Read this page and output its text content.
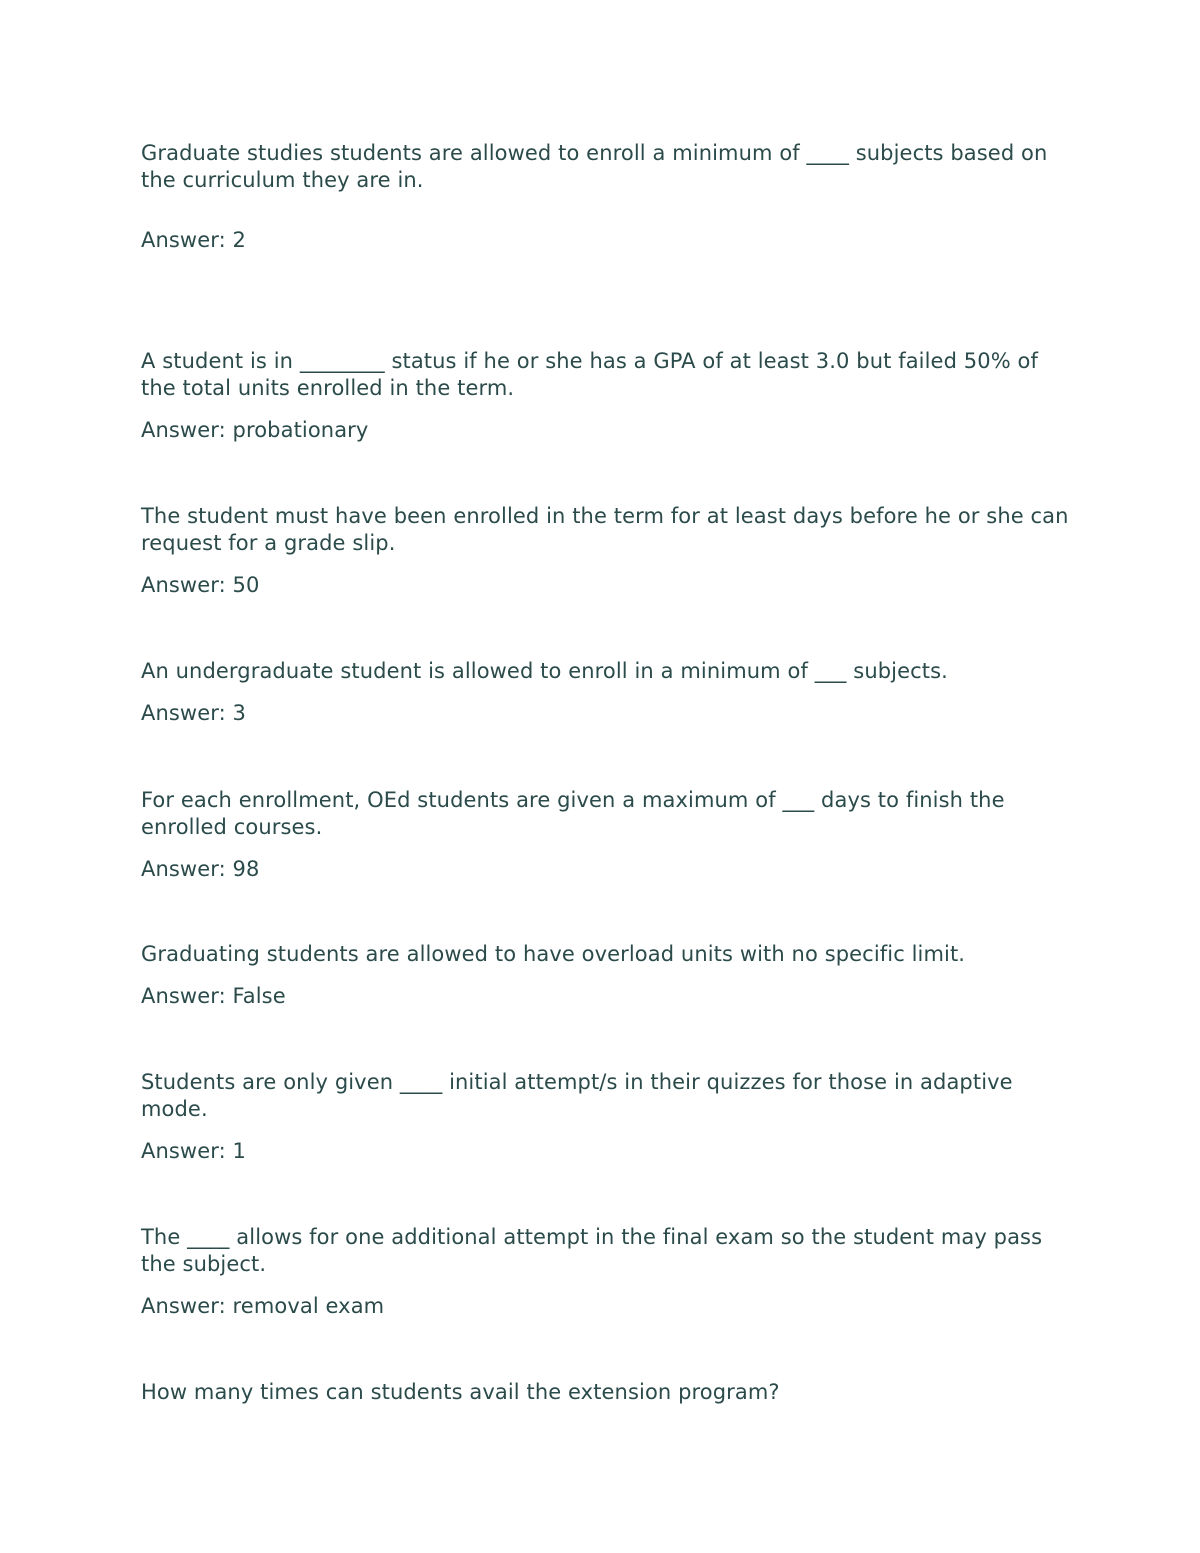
Graduate studies students are allowed to enroll a minimum of ____ subjects based on the curriculum they are in.

Answer: 2

A student is in ________ status if he or she has a GPA of at least 3.0 but failed 50% of the total units enrolled in the term.

Answer: probationary

The student must have been enrolled in the term for at least days before he or she can request for a grade slip.

Answer: 50

An undergraduate student is allowed to enroll in a minimum of ___ subjects.

Answer: 3

For each enrollment, OEd students are given a maximum of ___ days to finish the enrolled courses.

Answer: 98

Graduating students are allowed to have overload units with no specific limit.

Answer: False

Students are only given ____ initial attempt/s in their quizzes for those in adaptive mode.

Answer: 1

The ____ allows for one additional attempt in the final exam so the student may pass the subject.

Answer: removal exam

How many times can students avail the extension program?
